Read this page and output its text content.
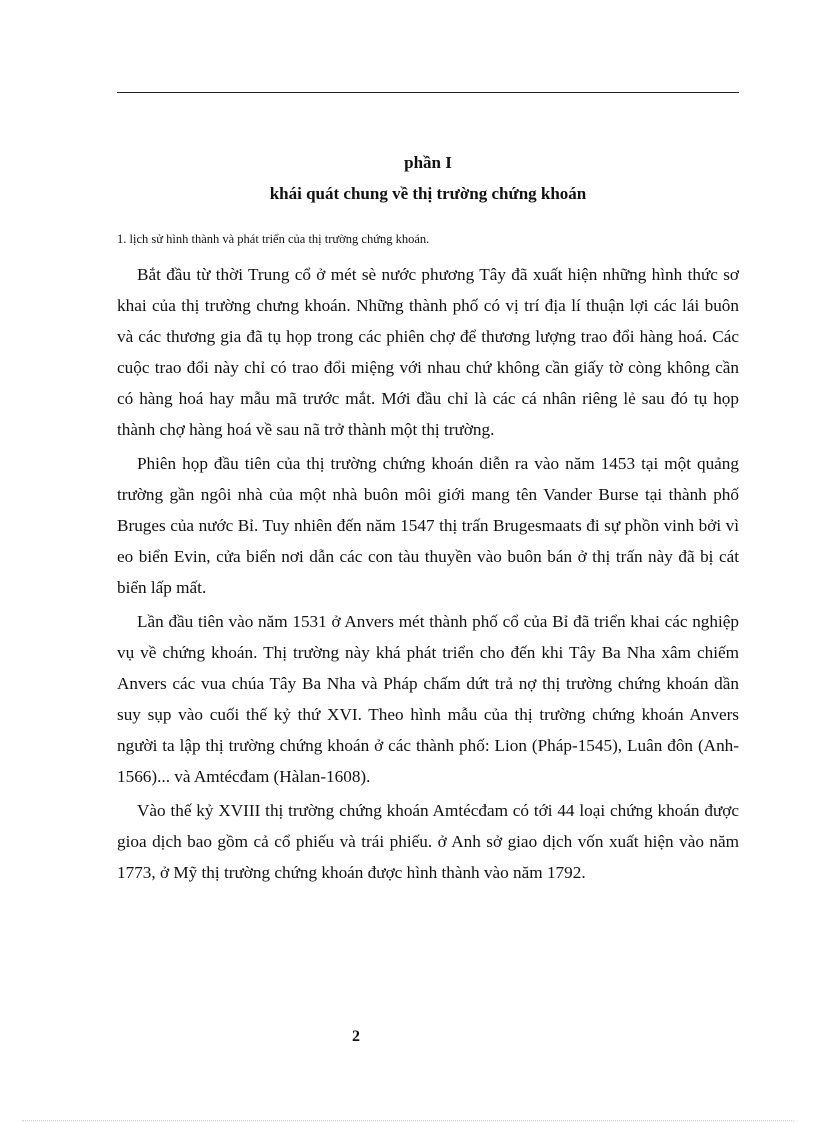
phần I
khái quát chung về thị trường chứng khoán

1. lịch sử hình thành và phát triển của thị trường chứng khoán.

Bắt đầu từ thời Trung cổ ở mét sè nước phương Tây đã xuất hiện những hình thức sơ khai của thị trường chưng khoán. Những thành phố có vị trí địa lí thuận lợi các lái buôn và các thương gia đã tụ họp trong các phiên chợ để thương lượng trao đổi hàng hoá. Các cuộc trao đổi này chỉ có trao đổi miệng với nhau chứ không cần giấy tờ còng không cần có hàng hoá hay mẫu mã trước mắt. Mới đầu chỉ là các cá nhân riêng lẻ sau đó tụ họp thành chợ hàng hoá về sau nã trở thành một thị trường.

Phiên họp đầu tiên của thị trường chứng khoán diễn ra vào năm 1453 tại một quảng trường gần ngôi nhà của một nhà buôn môi giới mang tên Vander Burse tại thành phố Bruges của nước Bỉ. Tuy nhiên đến năm 1547 thị trấn Brugesmaats đi sự phồn vinh bởi vì eo biển Evin, cửa biển nơi dẫn các con tàu thuyền vào buôn bán ở thị trấn này đã bị cát biển lấp mất.

Lần đầu tiên vào năm 1531 ở Anvers mét thành phố cổ của Bỉ đã triển khai các nghiệp vụ về chứng khoán. Thị trường này khá phát triển cho đến khi Tây Ba Nha xâm chiếm Anvers các vua chúa Tây Ba Nha và Pháp chấm dứt trả nợ thị trường chứng khoán dần suy sụp vào cuối thế kỷ thứ XVI. Theo hình mẫu của thị trường chứng khoán Anvers người ta lập thị trường chứng khoán ở các thành phố: Lion (Pháp-1545), Luân đôn (Anh-1566)... và Amtécđam (Hàlan-1608).

Vào thế kỷ XVIII thị trường chứng khoán Amtécđam có tới 44 loại chứng khoán được gioa dịch bao gồm cả cổ phiếu và trái phiếu. ở Anh sở giao dịch vốn xuất hiện vào năm 1773, ở Mỹ thị trường chứng khoán được hình thành vào năm 1792.

2
